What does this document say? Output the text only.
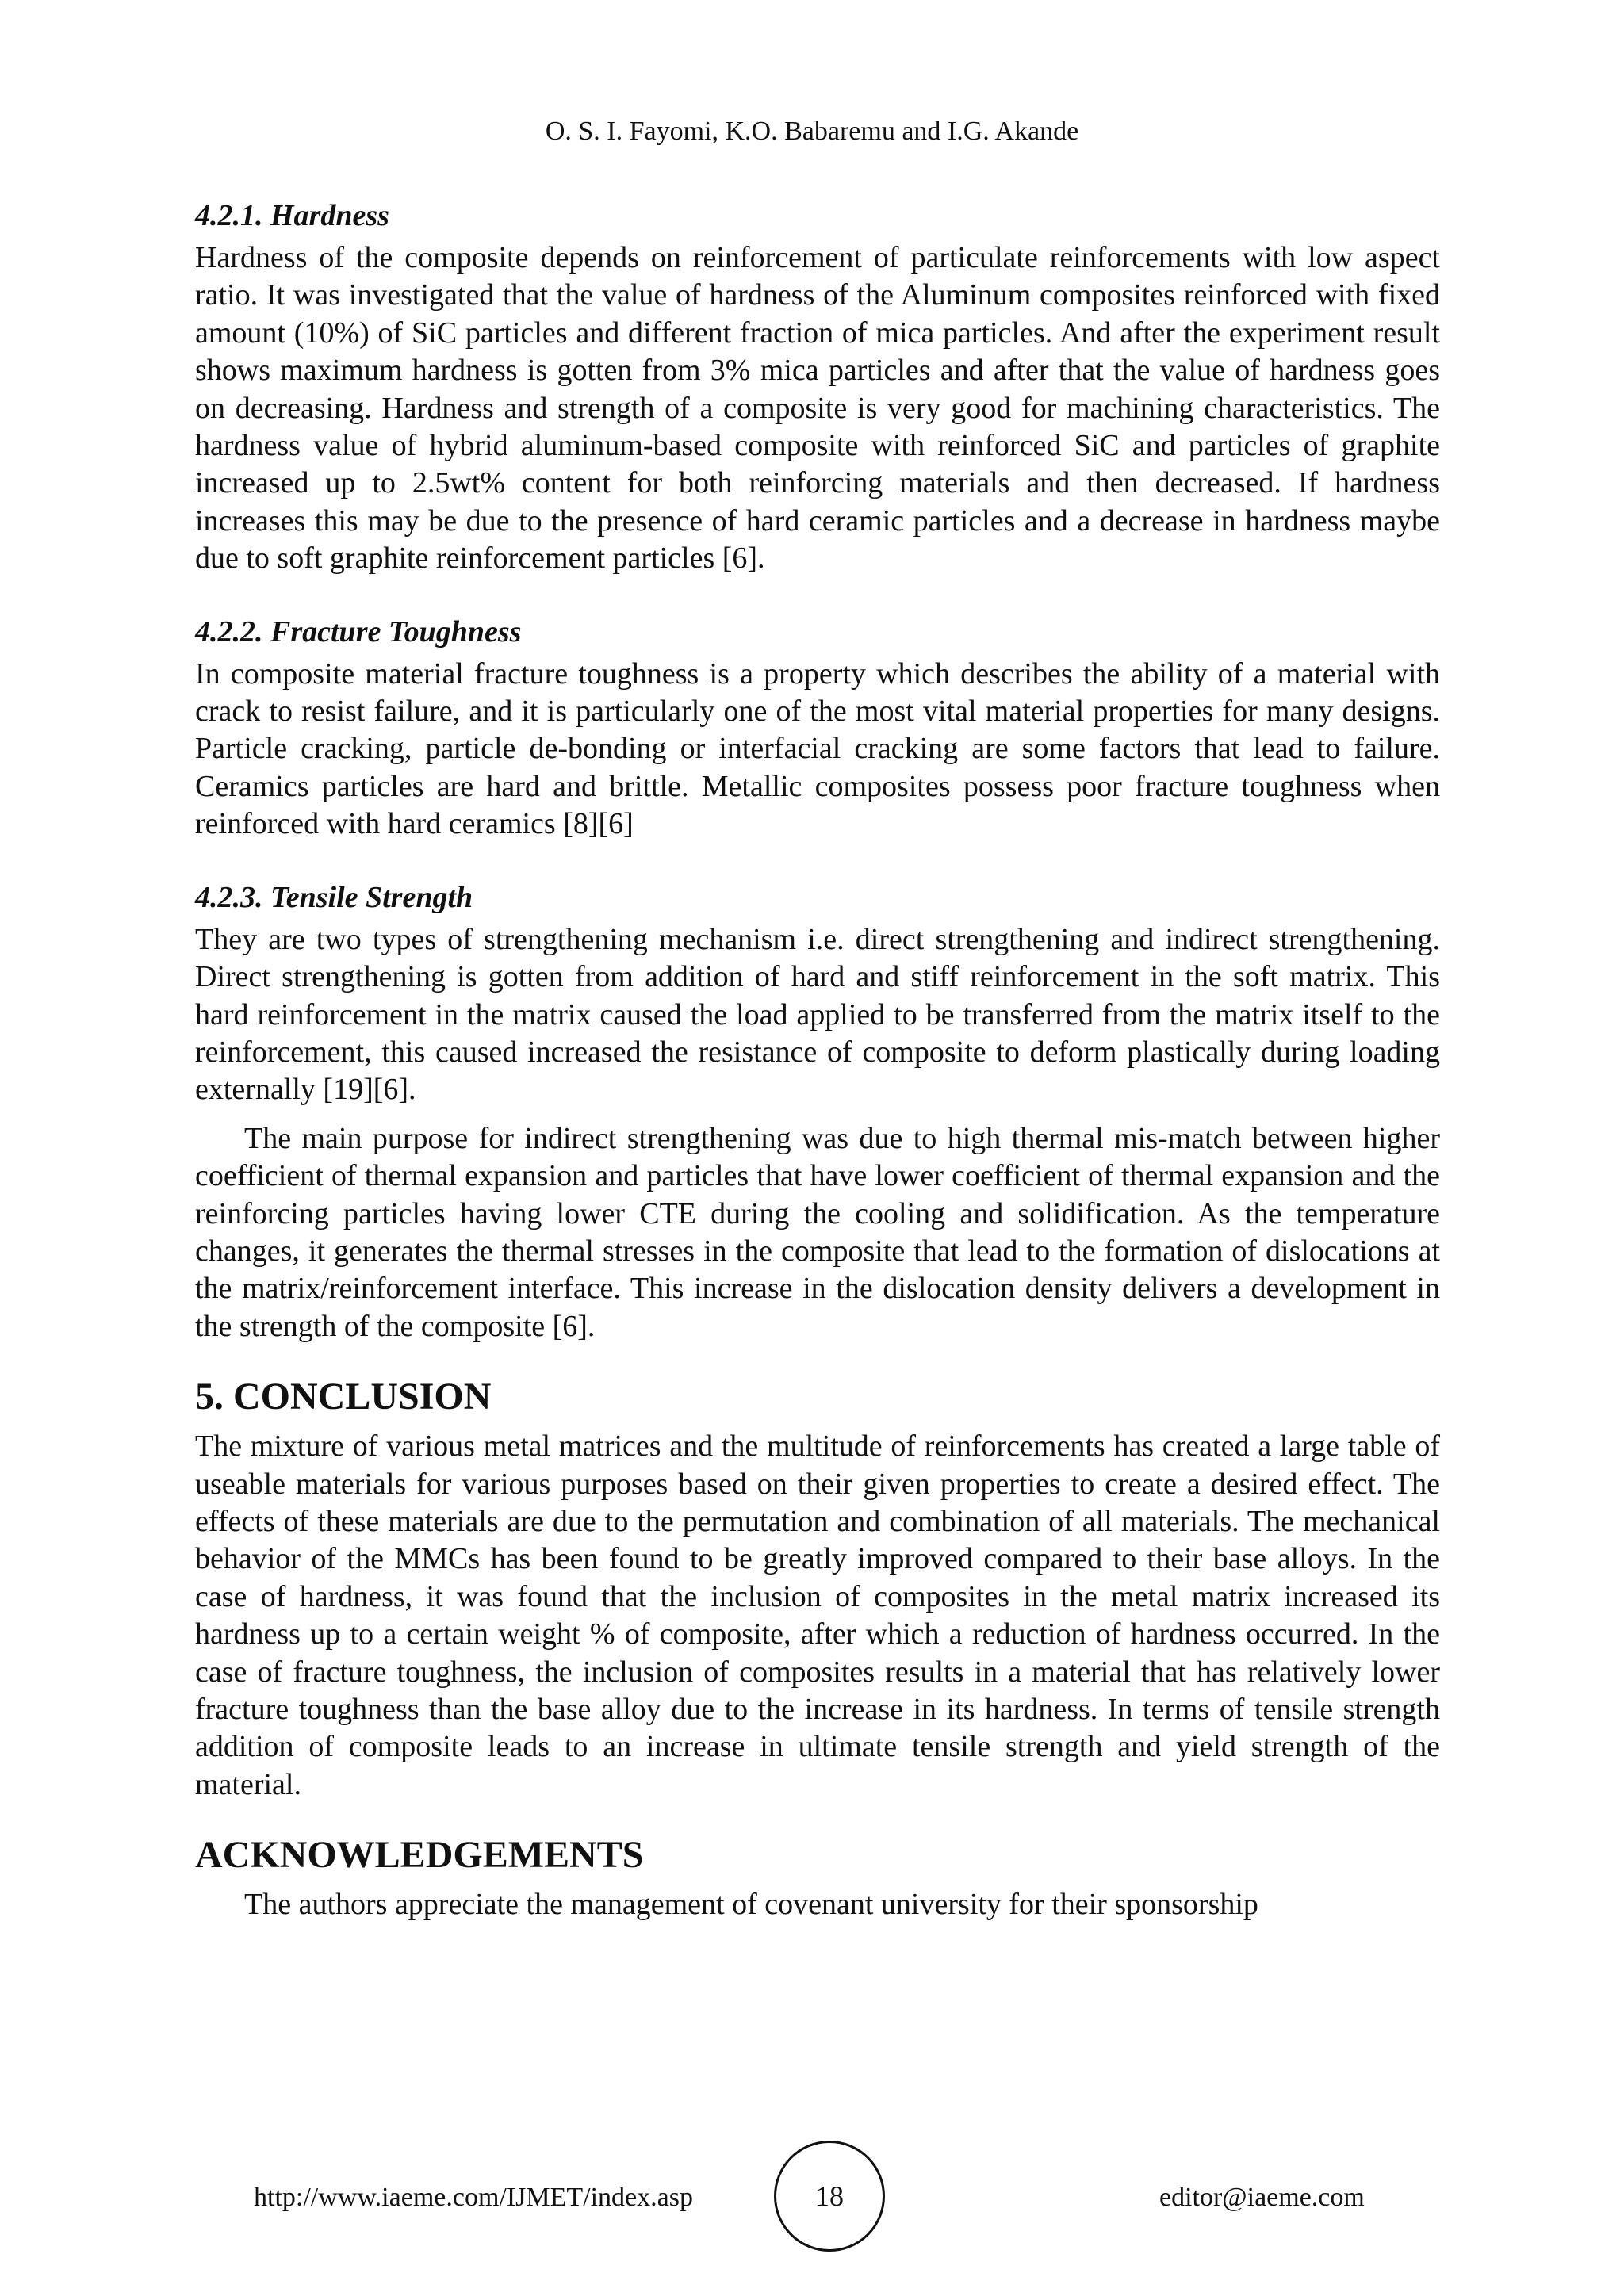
O. S. I. Fayomi, K.O. Babaremu and I.G. Akande
4.2.1. Hardness

Hardness of the composite depends on reinforcement of particulate reinforcements with low aspect ratio. It was investigated that the value of hardness of the Aluminum composites reinforced with fixed amount (10%) of SiC particles and different fraction of mica particles. And after the experiment result shows maximum hardness is gotten from 3% mica particles and after that the value of hardness goes on decreasing. Hardness and strength of a composite is very good for machining characteristics. The hardness value of hybrid aluminum-based composite with reinforced SiC and particles of graphite increased up to 2.5wt% content for both reinforcing materials and then decreased. If hardness increases this may be due to the presence of hard ceramic particles and a decrease in hardness maybe due to soft graphite reinforcement particles [6].

4.2.2. Fracture Toughness

In composite material fracture toughness is a property which describes the ability of a material with crack to resist failure, and it is particularly one of the most vital material properties for many designs. Particle cracking, particle de-bonding or interfacial cracking are some factors that lead to failure. Ceramics particles are hard and brittle. Metallic composites possess poor fracture toughness when reinforced with hard ceramics [8][6]

4.2.3. Tensile Strength

They are two types of strengthening mechanism i.e. direct strengthening and indirect strengthening. Direct strengthening is gotten from addition of hard and stiff reinforcement in the soft matrix. This hard reinforcement in the matrix caused the load applied to be transferred from the matrix itself to the reinforcement, this caused increased the resistance of composite to deform plastically during loading externally [19][6].

The main purpose for indirect strengthening was due to high thermal mis-match between higher coefficient of thermal expansion and particles that have lower coefficient of thermal expansion and the reinforcing particles having lower CTE during the cooling and solidification. As the temperature changes, it generates the thermal stresses in the composite that lead to the formation of dislocations at the matrix/reinforcement interface. This increase in the dislocation density delivers a development in the strength of the composite [6].

5. CONCLUSION

The mixture of various metal matrices and the multitude of reinforcements has created a large table of useable materials for various purposes based on their given properties to create a desired effect. The effects of these materials are due to the permutation and combination of all materials. The mechanical behavior of the MMCs has been found to be greatly improved compared to their base alloys. In the case of hardness, it was found that the inclusion of composites in the metal matrix increased its hardness up to a certain weight % of composite, after which a reduction of hardness occurred. In the case of fracture toughness, the inclusion of composites results in a material that has relatively lower fracture toughness than the base alloy due to the increase in its hardness. In terms of tensile strength addition of composite leads to an increase in ultimate tensile strength and yield strength of the material.

ACKNOWLEDGEMENTS

The authors appreciate the management of covenant university for their sponsorship

http://www.iaeme.com/IJMET/index.asp	18	editor@iaeme.com
